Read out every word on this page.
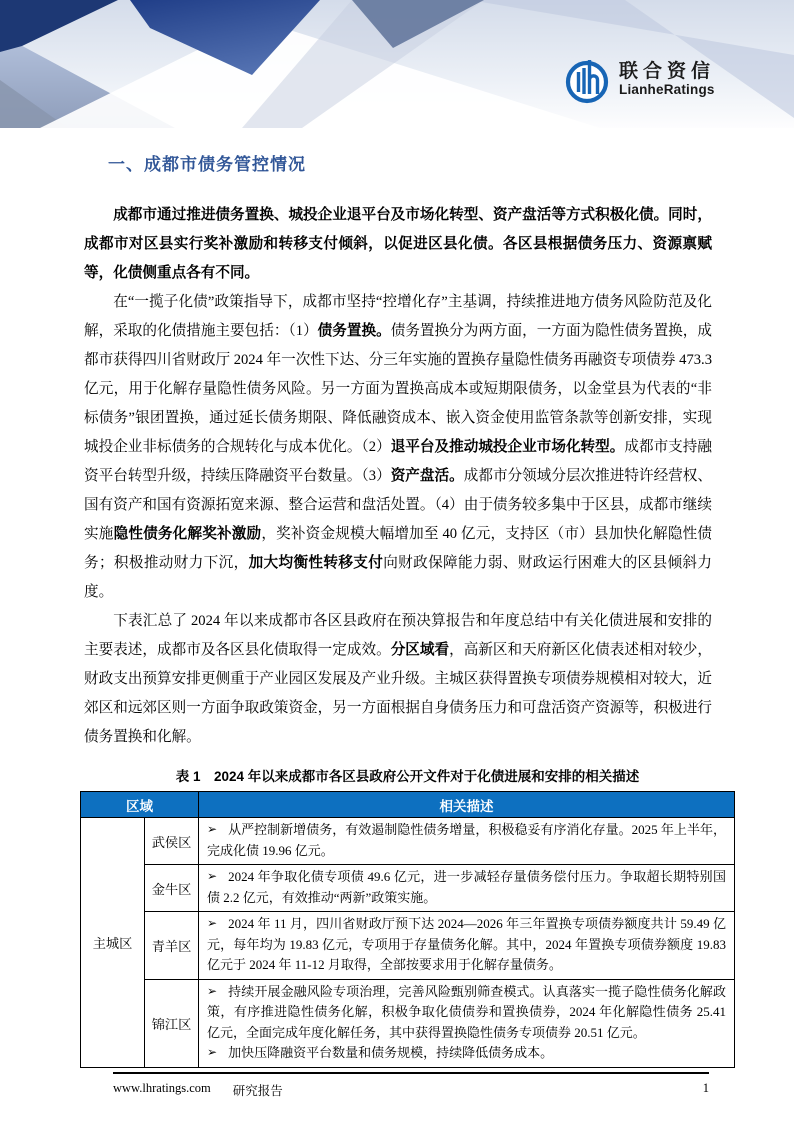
联合资信
LianheRatings
一、成都市债务管控情况

成都市通过推进债务置换、城投企业退平台及市场化转型、资产盘活等方式积极化债。同时，成都市对区县实行奖补激励和转移支付倾斜，以促进区县化债。各区县根据债务压力、资源禀赋等，化债侧重点各有不同。

在“一揽子化债”政策指导下，成都市坚持“控增化存”主基调，持续推进地方债务风险防范及化解，采取的化债措施主要包括：（1）债务置换。债务置换分为两方面，一方面为隐性债务置换，成都市获得四川省财政厅 2024 年一次性下达、分三年实施的置换存量隐性债务再融资专项债券 473.3 亿元，用于化解存量隐性债务风险。另一方面为置换高成本或短期限债务，以金堂县为代表的“非标债务”银团置换，通过延长债务期限、降低融资成本、嵌入资金使用监管条款等创新安排，实现城投企业非标债务的合规转化与成本优化。（2）退平台及推动城投企业市场化转型。成都市支持融资平台转型升级，持续压降融资平台数量。（3）资产盘活。成都市分领域分层次推进特许经营权、国有资产和国有资源拓宽来源、整合运营和盘活处置。（4）由于债务较多集中于区县，成都市继续实施隐性债务化解奖补激励，奖补资金规模大幅增加至 40 亿元，支持区（市）县加快化解隐性债务；积极推动财力下沉，加大均衡性转移支付向财政保障能力弱、财政运行困难大的区县倾斜力度。

下表汇总了 2024 年以来成都市各区县政府在预决算报告和年度总结中有关化债进展和安排的主要表述，成都市及各区县化债取得一定成效。分区域看，高新区和天府新区化债表述相对较少，财政支出预算安排更侧重于产业园区发展及产业升级。主城区获得置换专项债券规模相对较大，近郊区和远郊区则一方面争取政策资金，另一方面根据自身债务压力和可盘活资产资源等，积极进行债务置换和化解。

表 1　2024 年以来成都市各区县政府公开文件对于化债进展和安排的相关描述
区域		相关描述
主城区	武侯区	➢ 从严控制新增债务，有效遏制隐性债务增量，积极稳妥有序消化存量。2025 年上半年，完成化债 19.96 亿元。

	金牛区	➢ 2024 年争取化债专项债 49.6 亿元，进一步减轻存量债务偿付压力。争取超长期特别国债 2.2 亿元，有效推动“两新”政策实施。

	青羊区	➢ 2024 年 11 月，四川省财政厅预下达 2024—2026 年三年置换专项债券额度共计 59.49 亿元，每年均为 19.83 亿元，专项用于存量债务化解。其中，2024 年置换专项债券额度 19.83 亿元于 2024 年 11-12 月取得，全部按要求用于化解存量债务。

	锦江区	➢ 持续开展金融风险专项治理，完善风险甄别筛查模式。认真落实一揽子隐性债务化解政策，有序推进隐性债务化解，积极争取化债债券和置换债券，2024 年化解隐性债务 25.41 亿元，全面完成年度化解任务，其中获得置换隐性债务专项债券 20.51 亿元。
➢ 加快压降融资平台数量和债务规模，持续降低债务成本。
www.lhratings.com 研究报告	1
